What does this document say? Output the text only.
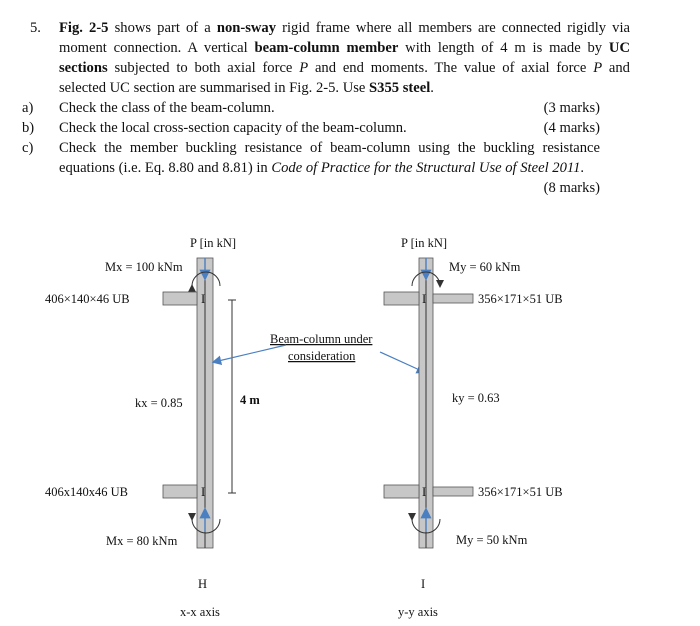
5. Fig. 2-5 shows part of a non-sway rigid frame where all members are connected rigidly via moment connection. A vertical beam-column member with length of 4 m is made by UC sections subjected to both axial force P and end moments. The value of axial force P and selected UC section are summarised in Fig. 2-5. Use S355 steel.
a) Check the class of the beam-column.	(3 marks)
b) Check the local cross-section capacity of the beam-column.	(4 marks)
c) Check the member buckling resistance of beam-column using the buckling resistance equations (i.e. Eq. 8.80 and 8.81) in Code of Practice for the Structural Use of Steel 2011.
(8 marks)
P [in kN]
Mx = 100 kNm
I
406×140×46 UB
I
406x140x46 UB
4 m
kx = 0.85
Mx = 80 kNm
H
x-x axis
Beam-column under
consideration
P [in kN]
My = 60 kNm
I	356×171×51 UB
I	356×171×51 UB
ky = 0.63
My = 50 kNm
I
y-y axis
